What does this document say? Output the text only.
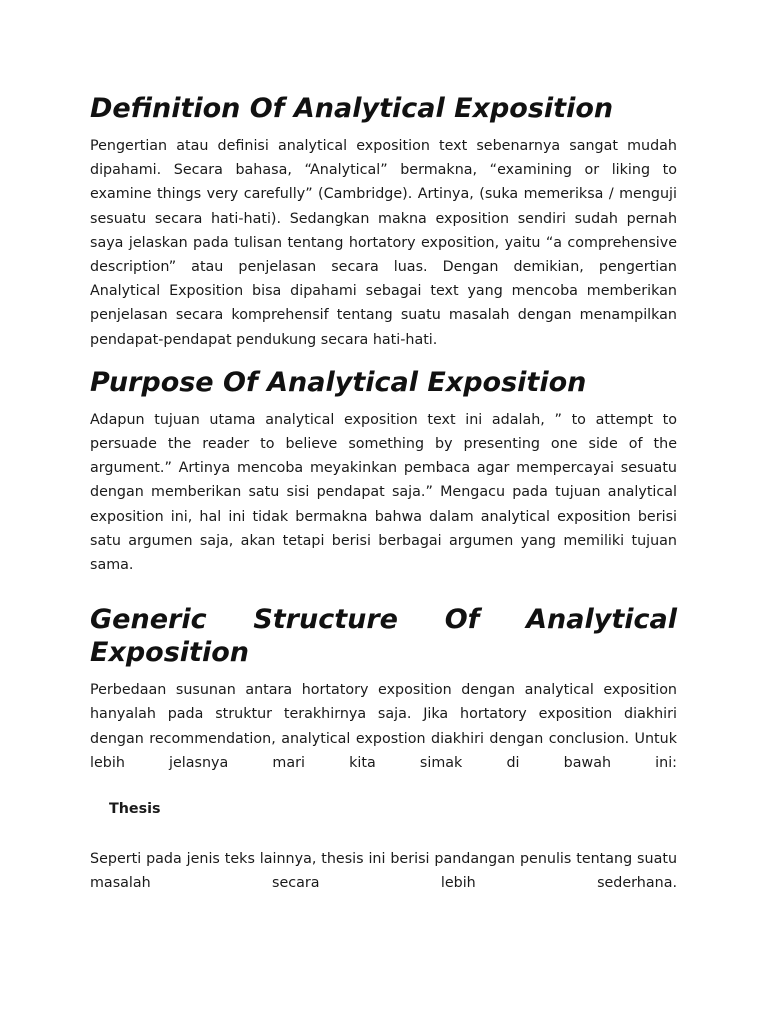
Definition Of Analytical Exposition

Pengertian atau definisi analytical exposition text sebenarnya sangat mudah dipahami. Secara bahasa, “Analytical” bermakna, “examining or liking to examine things very carefully” (Cambridge). Artinya, (suka memeriksa / menguji sesuatu secara hati-hati). Sedangkan makna exposition sendiri sudah pernah saya jelaskan pada tulisan tentang hortatory exposition, yaitu “a comprehensive description” atau penjelasan secara luas. Dengan demikian, pengertian Analytical Exposition bisa dipahami sebagai text yang mencoba memberikan penjelasan secara komprehensif tentang suatu masalah dengan menampilkan pendapat-pendapat pendukung secara hati-hati.

Purpose Of Analytical Exposition

Adapun tujuan utama analytical exposition text ini adalah, ” to attempt to persuade the reader to believe something by presenting one side of the argument.” Artinya mencoba meyakinkan pembaca agar mempercayai sesuatu dengan memberikan satu sisi pendapat saja.” Mengacu pada tujuan analytical exposition ini, hal ini tidak bermakna bahwa dalam analytical exposition berisi satu argumen saja, akan tetapi berisi berbagai argumen yang memiliki tujuan sama.

Generic Structure Of Analytical
Exposition

Perbedaan susunan antara hortatory exposition dengan analytical exposition hanyalah pada struktur terakhirnya saja. Jika hortatory exposition diakhiri dengan recommendation, analytical expostion diakhiri dengan conclusion. Untuk lebih jelasnya mari kita simak di bawah ini:

Thesis

Seperti pada jenis teks lainnya, thesis ini berisi pandangan penulis tentang suatu masalah secara lebih sederhana.
